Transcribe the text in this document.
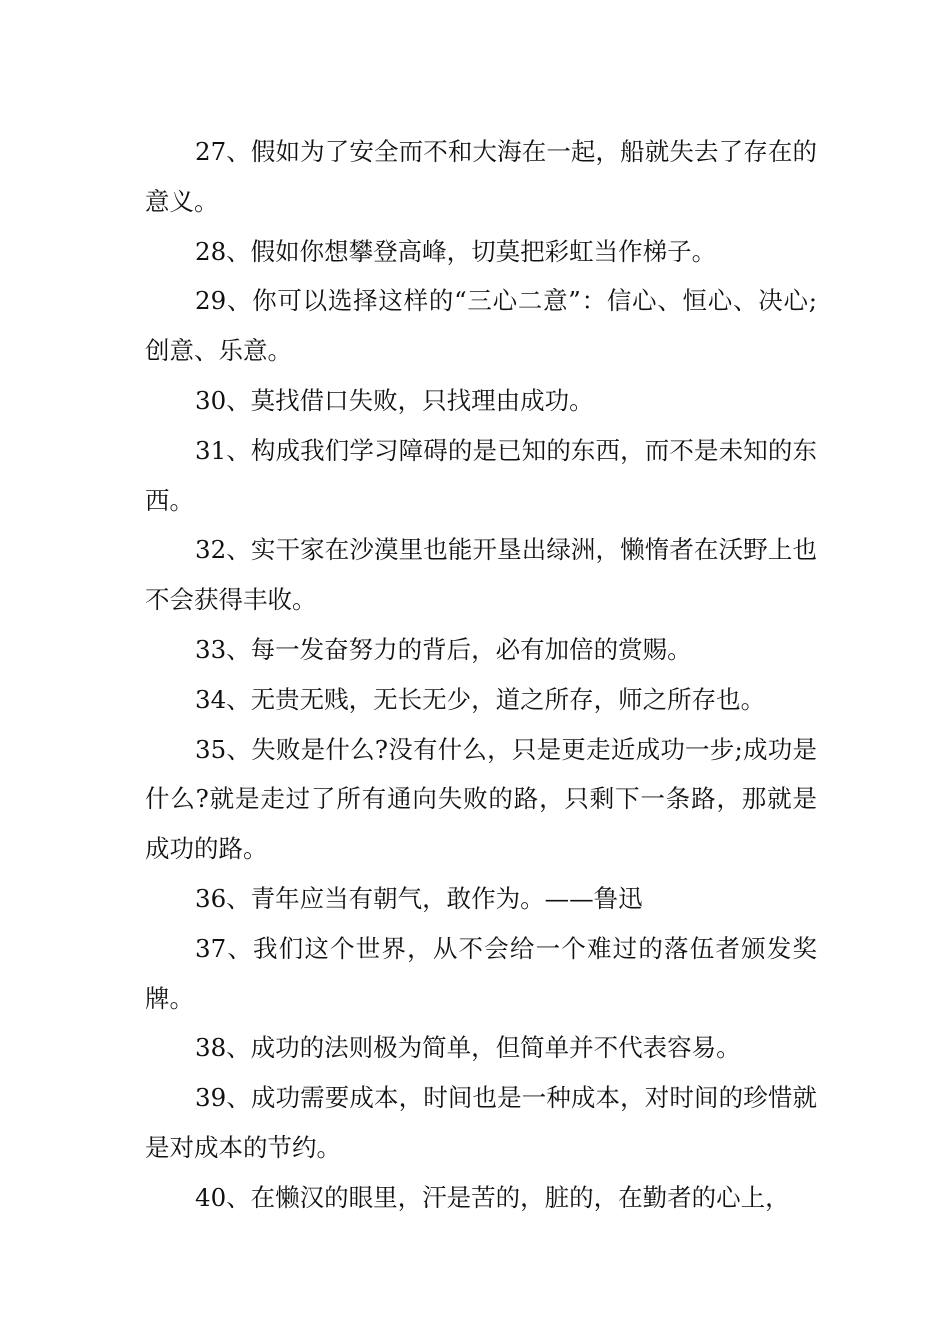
27、假如为了安全而不和大海在一起，船就失去了存在的意义。

28、假如你想攀登高峰，切莫把彩虹当作梯子。

29、你可以选择这样的“三心二意”：信心、恒心、决心;创意、乐意。

30、莫找借口失败，只找理由成功。

31、构成我们学习障碍的是已知的东西，而不是未知的东西。

32、实干家在沙漠里也能开垦出绿洲，懒惰者在沃野上也不会获得丰收。

33、每一发奋努力的背后，必有加倍的赏赐。

34、无贵无贱，无长无少，道之所存，师之所存也。

35、失败是什么?没有什么，只是更走近成功一步;成功是什么?就是走过了所有通向失败的路，只剩下一条路，那就是成功的路。

36、青年应当有朝气，敢作为。——鲁迅

37、我们这个世界，从不会给一个难过的落伍者颁发奖牌。

38、成功的法则极为简单，但简单并不代表容易。

39、成功需要成本，时间也是一种成本，对时间的珍惜就是对成本的节约。

40、在懒汉的眼里，汗是苦的，脏的，在勤者的心上，
